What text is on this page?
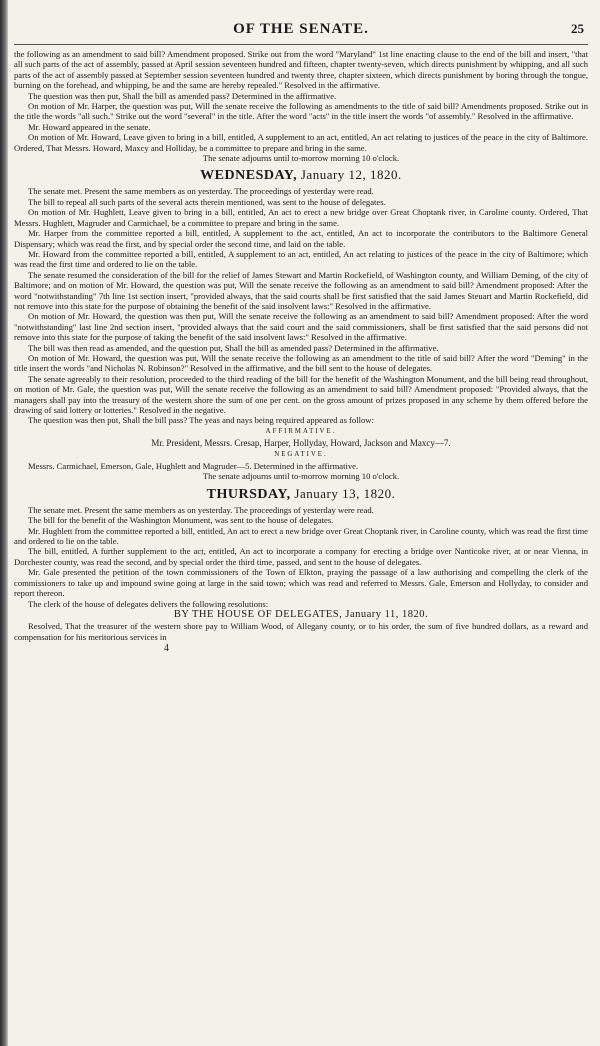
OF THE SENATE.	25

the following as an amendment to said bill? Amendment proposed. Strike out from the word "Maryland" 1st line enacting clause to the end of the bill and insert, "that all such parts of the act of assembly, passed at April session seventeen hundred and fifteen, chapter twenty-seven, which directs punishment by whipping, and all such parts of the act of assembly passed at September session seventeen hundred and twenty three, chapter sixteen, which directs punishment by boring through the tongue, burning on the forehead, and whipping, be and the same are hereby repealed." Resolved in the affirmative.

The question was then put, Shall the bill as amended pass? Determined in the affirmative.

On motion of Mr. Harper, the question was put, Will the senate receive the following as amendments to the title of said bill? Amendments proposed. Strike out in the title the words "all such." Strike out the word "several" in the title. After the word "acts" in the title insert the words "of assembly." Resolved in the affirmative.

Mr. Howard appeared in the senate.

On motion of Mr. Howard, Leave given to bring in a bill, entitled, A supplement to an act, entitled, An act relating to justices of the peace in the city of Baltimore. Ordered, That Messrs. Howard, Maxcy and Holliday, be a committee to prepare and bring in the same.

The senate adjourns until to-morrow morning 10 o'clock.

WEDNESDAY, January 12, 1820.

The senate met. Present the same members as on yesterday. The proceedings of yesterday were read.

The bill to repeal all such parts of the several acts therein mentioned, was sent to the house of delegates.

On motion of Mr. Hughlett, Leave given to bring in a bill, entitled, An act to erect a new bridge over Great Choptank river, in Caroline county. Ordered, That Messrs. Hughlett, Magruder and Carmichael, be a committee to prepare and bring in the same.

Mr. Harper from the committee reported a bill, entitled, A supplement to the act, entitled, An act to incorporate the contributors to the Baltimore General Dispensary; which was read the first, and by special order the second time, and laid on the table.

Mr. Howard from the committee reported a bill, entitled, A supplement to an act, entitled, An act relating to justices of the peace in the city of Baltimore; which was read the first time and ordered to lie on the table.

The senate resumed the consideration of the bill for the relief of James Stewart and Martin Rockefield, of Washington county, and William Deming, of the city of Baltimore; and on motion of Mr. Howard, the question was put, Will the senate receive the following as an amendment to said bill? Amendment proposed: After the word "notwithstanding" 7th line 1st section insert, "provided always, that the said courts shall be first satisfied that the said James Steuart and Martin Rockefield, did not remove into this state for the purpose of obtaining the benefit of the said insolvent laws:" Resolved in the affirmative.

On motion of Mr. Howard, the question was then put, Will the senate receive the following as an amendment to said bill? Amendment proposed: After the word "notwithstanding" last line 2nd section insert, "provided always that the said court and the said commissioners, shall be first satisfied that the said persons did not remove into this state for the purpose of taking the benefit of the said insolvent laws:" Resolved in the affirmative.

The bill was then read as amended, and the question put, Shall the bill as amended pass? Determined in the affirmative.

On motion of Mr. Howard, the question was put, Will the senate receive the following as an amendment to the title of said bill? After the word "Deming" in the title insert the words "and Nicholas N. Robinson?" Resolved in the affirmative, and the bill sent to the house of delegates.

The senate agreeably to their resolution, proceeded to the third reading of the bill for the benefit of the Washington Monument, and the bill being read throughout, on motion of Mr. Gale, the question was put, Will the senate receive the following as an amendment to said bill? Amendment proposed: "Provided always, that the managers shall pay into the treasury of the western shore the sum of one per cent. on the gross amount of prizes proposed in any scheme by them offered before the drawing of said lottery or lotteries." Resolved in the negative.

The question was then put, Shall the bill pass? The yeas and nays being required appeared as follow:

AFFIRMATIVE.

Mr. President, Messrs. Cresap, Harper, Hollyday, Howard, Jackson and Maxcy—7.

NEGATIVE.

Messrs. Carmichael, Emerson, Gale, Hughlett and Magruder—5. Determined in the affirmative.

The senate adjourns until to-morrow morning 10 o'clock.

THURSDAY, January 13, 1820.

The senate met. Present the same members as on yesterday. The proceedings of yesterday were read.

The bill for the benefit of the Washington Monument, was sent to the house of delegates.

Mr. Hughlett from the committee reported a bill, entitled, An act to erect a new bridge over Great Choptank river, in Caroline county, which was read the first time and ordered to lie on the table.

The bill, entitled, A further supplement to the act, entitled, An act to incorporate a company for erecting a bridge over Nanticoke river, at or near Vienna, in Dorchester county, was read the second, and by special order the third time, passed, and sent to the house of delegates.

Mr. Gale presented the petition of the town commissioners of the Town of Elkton, praying the passage of a law authorising and compelling the clerk of the commissioners to take up and impound swine going at large in the said town; which was read and referred to Messrs. Gale, Emerson and Hollyday, to consider and report thereon.

The clerk of the house of delegates delivers the following resolutions:

BY THE HOUSE OF DELEGATES, January 11, 1820.

Resolved, That the treasurer of the western shore pay to William Wood, of Allegany county, or to his order, the sum of five hundred dollars, as a reward and compensation for his meritorious services in

4
